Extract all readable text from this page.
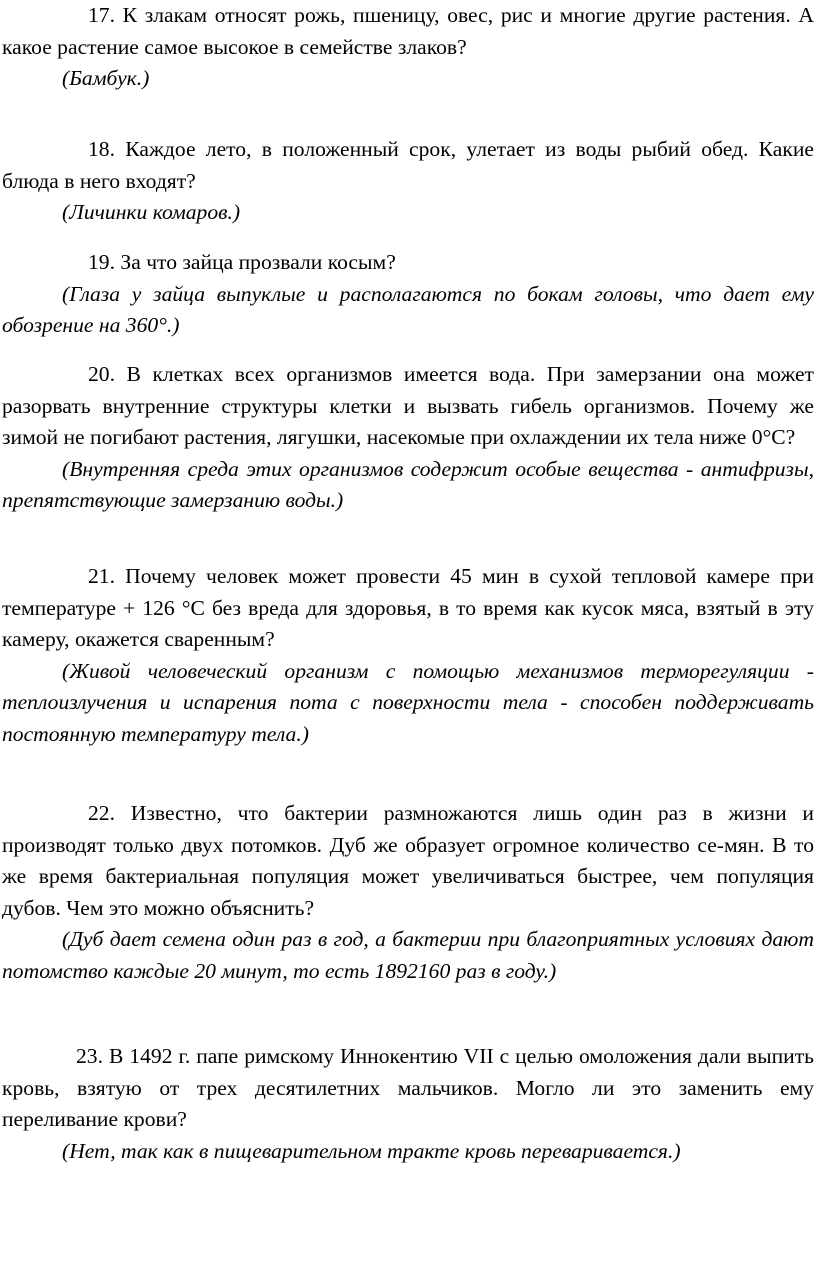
17. К злакам относят рожь, пшеницу, овес, рис и многие другие растения. А какое растение самое высокое в семействе злаков?

(Бамбук.)

18. Каждое лето, в положенный срок, улетает из воды рыбий обед. Какие блюда в него входят?

(Личинки комаров.)

19. За что зайца прозвали косым?

(Глаза у зайца выпуклые и располагаются по бокам головы, что дает ему обозрение на 360°.)

20. В клетках всех организмов имеется вода. При замерзании она может разорвать внутренние структуры клетки и вызвать гибель организмов. Почему же зимой не погибают растения, лягушки, насекомые при охлаждении их тела ниже 0°С?

(Внутренняя среда этих организмов содержит особые вещества - антифризы, препятствующие замерзанию воды.)

21. Почему человек может провести 45 мин в сухой тепловой камере при температуре + 126 °С без вреда для здоровья, в то время как кусок мяса, взятый в эту камеру, окажется сваренным?

(Живой человеческий организм с помощью механизмов терморегуляции - теплоизлучения и испарения пота с поверхности тела - способен поддерживать постоянную температуру тела.)

22. Известно, что бактерии размножаются лишь один раз в жизни и производят только двух потомков. Дуб же образует огромное количество се-мян. В то же время бактериальная популяция может увеличиваться быстрее, чем популяция дубов. Чем это можно объяснить?

(Дуб дает семена один раз в год, а бактерии при благоприятных условиях дают потомство каждые 20 минут, то есть 1892160 раз в году.)

23. В 1492 г. папе римскому Иннокентию VII с целью омоложения дали выпить кровь, взятую от трех десятилетних мальчиков. Могло ли это заменить ему переливание крови?

(Нет, так как в пищеварительном тракте кровь переваривается.)
